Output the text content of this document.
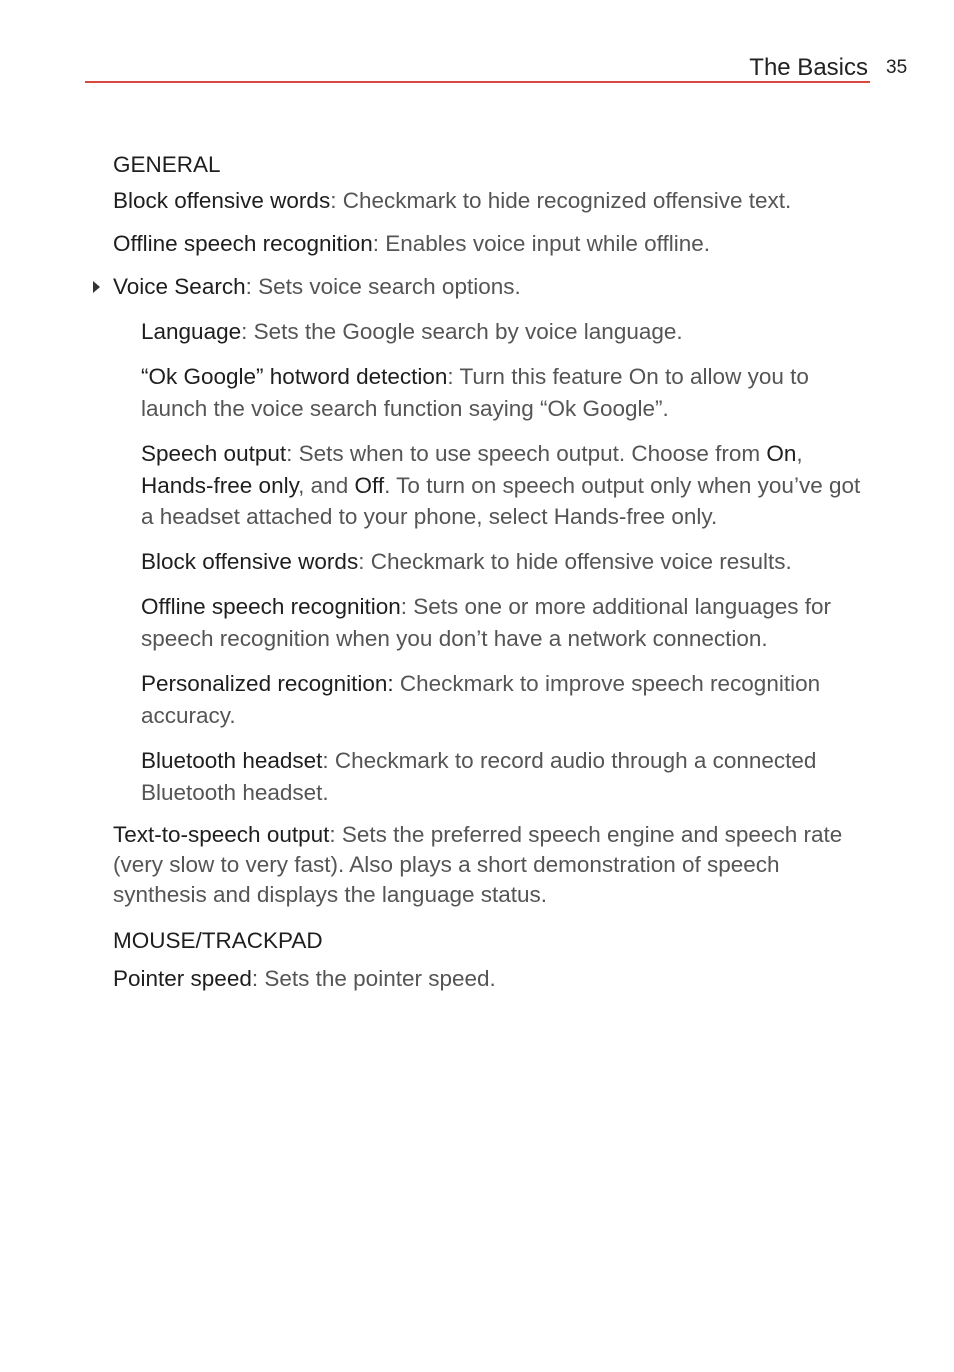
The Basics 35
GENERAL
Block offensive words: Checkmark to hide recognized offensive text.
Offline speech recognition: Enables voice input while offline.
Voice Search: Sets voice search options.
Language: Sets the Google search by voice language.
“Ok Google” hotword detection: Turn this feature On to allow you to launch the voice search function saying “Ok Google”.
Speech output: Sets when to use speech output. Choose from On, Hands-free only, and Off. To turn on speech output only when you’ve got a headset attached to your phone, select Hands-free only.
Block offensive words: Checkmark to hide offensive voice results.
Offline speech recognition: Sets one or more additional languages for speech recognition when you don’t have a network connection.
Personalized recognition: Checkmark to improve speech recognition accuracy.
Bluetooth headset: Checkmark to record audio through a connected Bluetooth headset.
Text-to-speech output: Sets the preferred speech engine and speech rate (very slow to very fast). Also plays a short demonstration of speech synthesis and displays the language status.
MOUSE/TRACKPAD
Pointer speed: Sets the pointer speed.
